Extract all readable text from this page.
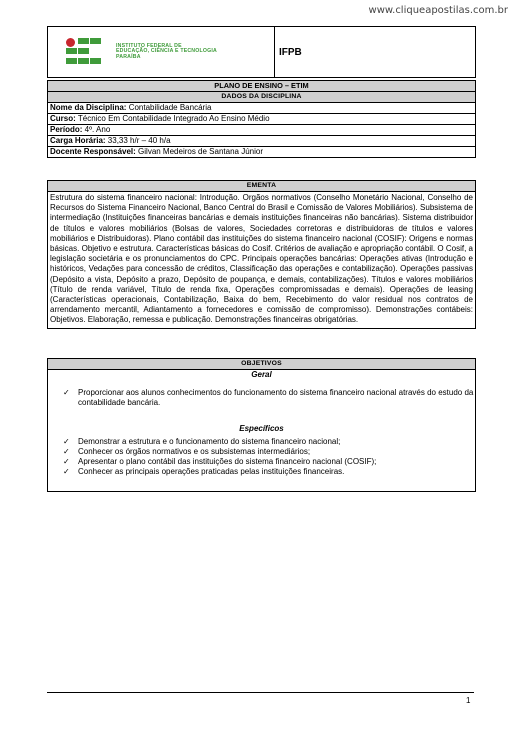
www.cliqueapostilas.com.br
INSTITUTO FEDERAL DE
EDUCAÇÃO, CIÊNCIA E TECNOLOGIA
PARAÍBA	IFPB
PLANO DE ENSINO – ETIM
DADOS DA DISCIPLINA
Nome da Disciplina: Contabilidade Bancária
Curso: Técnico Em Contabilidade Integrado Ao Ensino Médio
Período: 4º. Ano
Carga Horária: 33,33 h/r – 40 h/a
Docente Responsável: Gilvan Medeiros de Santana Júnior
EMENTA
Estrutura do sistema financeiro nacional: Introdução. Orgãos normativos (Conselho Monetário Nacional, Conselho de Recursos do Sistema Financeiro Nacional, Banco Central do Brasil e Comissão de Valores Mobiliários). Subsistema de intermediação (Instituições financeiras bancárias e demais instituições financeiras não bancárias). Sistema distribuidor de títulos e valores mobiliários (Bolsas de valores, Sociedades corretoras e distribuidoras de títulos e valores mobiliários e Distribuidoras). Plano contábil das instituições do sistema financeiro nacional (COSIF): Origens e normas básicas. Objetivo e estrutura. Características básicas do Cosif. Critérios de avaliação e apropriação contábil. O Cosif, a legislação societária e os pronunciamentos do CPC. Principais operações bancárias: Operações ativas (Introdução e históricos, Vedações para concessão de créditos, Classificação das operações e contabilização). Operações passivas (Depósito a vista, Depósito a prazo, Depósito de poupança, e demais, contabilizações). Títulos e valores mobiliários (Título de renda variável, Título de renda fixa, Operações compromissadas e demais). Operações de leasing (Características operacionais, Contabilização, Baixa do bem, Recebimento do valor residual nos contratos de arrendamento mercantil, Adiantamento a fornecedores e comissão de compromisso). Demonstrações contábeis: Objetivos. Elaboração, remessa e publicação. Demonstrações financeiras obrigatórias.
OBJETIVOS
Geral
✓ Proporcionar aos alunos conhecimentos do funcionamento do sistema financeiro nacional através do estudo da contabilidade bancária.
Específicos
✓ Demonstrar a estrutura e o funcionamento do sistema financeiro nacional;
✓ Conhecer os órgãos normativos e os subsistemas intermediários;
✓ Apresentar o plano contábil das instituições do sistema financeiro nacional (COSIF);
✓ Conhecer as principais operações praticadas pelas instituições financeiras.
1
